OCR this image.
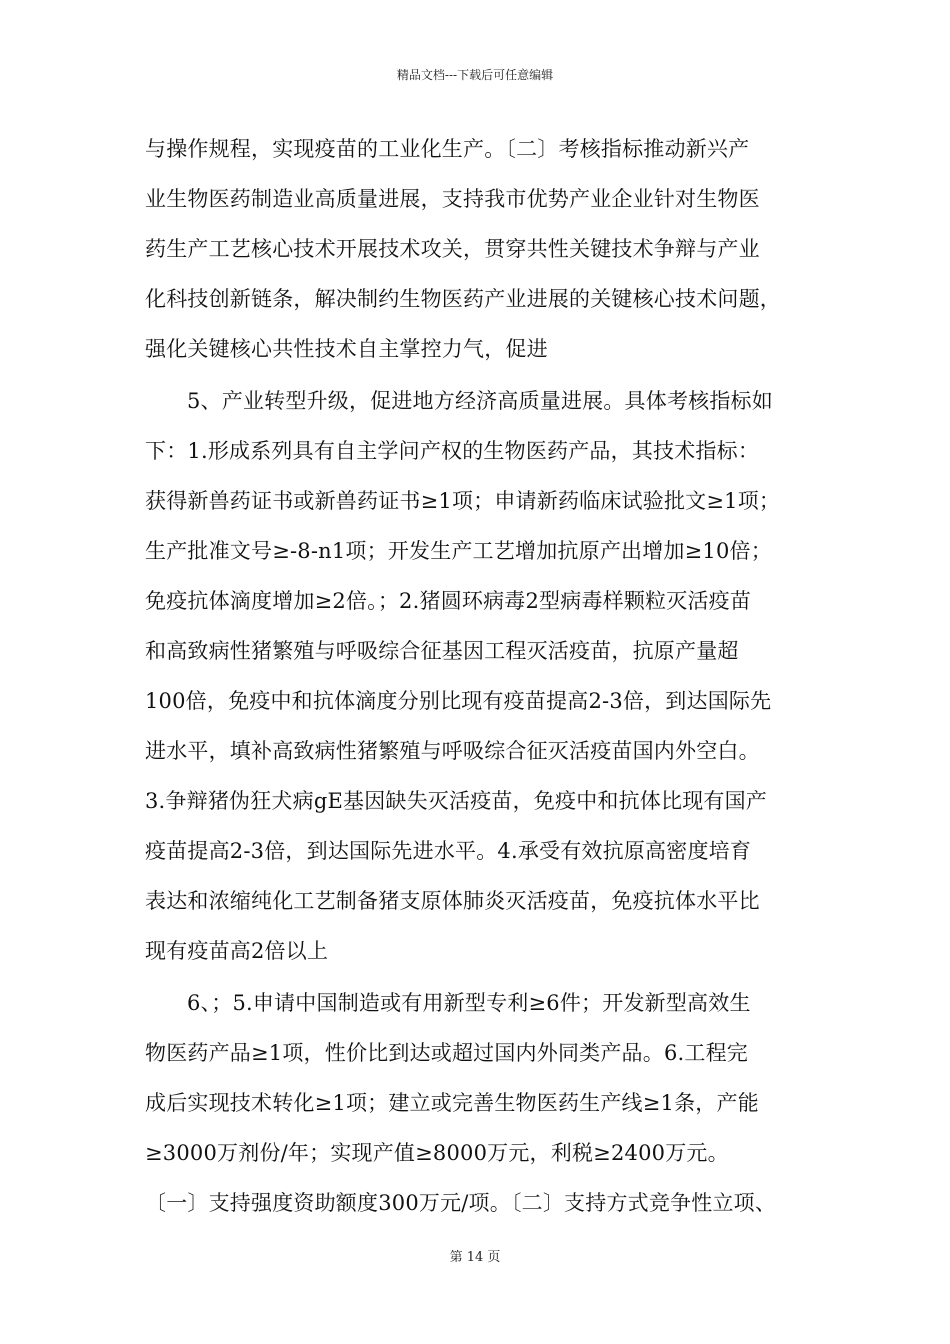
精品文档---下载后可任意编辑
与操作规程，实现疫苗的工业化生产。〔二〕考核指标推动新兴产
业生物医药制造业高质量进展，支持我市优势产业企业针对生物医
药生产工艺核心技术开展技术攻关，贯穿共性关键技术争辩与产业
化科技创新链条，解决制约生物医药产业进展的关键核心技术问题，
强化关键核心共性技术自主掌控力气，促进
5、产业转型升级，促进地方经济高质量进展。具体考核指标如
下：1.形成系列具有自主学问产权的生物医药产品，其技术指标：
获得新兽药证书或新兽药证书≥1项；申请新药临床试验批文≥1项；
生产批准文号≥-8-n1项；开发生产工艺增加抗原产出增加≥10倍；
免疫抗体滴度增加≥2倍。；2.猪圆环病毒2型病毒样颗粒灭活疫苗
和高致病性猪繁殖与呼吸综合征基因工程灭活疫苗，抗原产量超
100倍，免疫中和抗体滴度分别比现有疫苗提高2-3倍，到达国际先
进水平，填补高致病性猪繁殖与呼吸综合征灭活疫苗国内外空白。
3.争辩猪伪狂犬病gE基因缺失灭活疫苗，免疫中和抗体比现有国产
疫苗提高2-3倍，到达国际先进水平。4.承受有效抗原高密度培育
表达和浓缩纯化工艺制备猪支原体肺炎灭活疫苗，免疫抗体水平比
现有疫苗高2倍以上
6、；5.申请中国制造或有用新型专利≥6件；开发新型高效生
物医药产品≥1项，性价比到达或超过国内外同类产品。6.工程完
成后实现技术转化≥1项；建立或完善生物医药生产线≥1条，产能
≥3000万剂份/年；实现产值≥8000万元，利税≥2400万元。
〔一〕支持强度资助额度300万元/项。〔二〕支持方式竞争性立项、
第 14 页
